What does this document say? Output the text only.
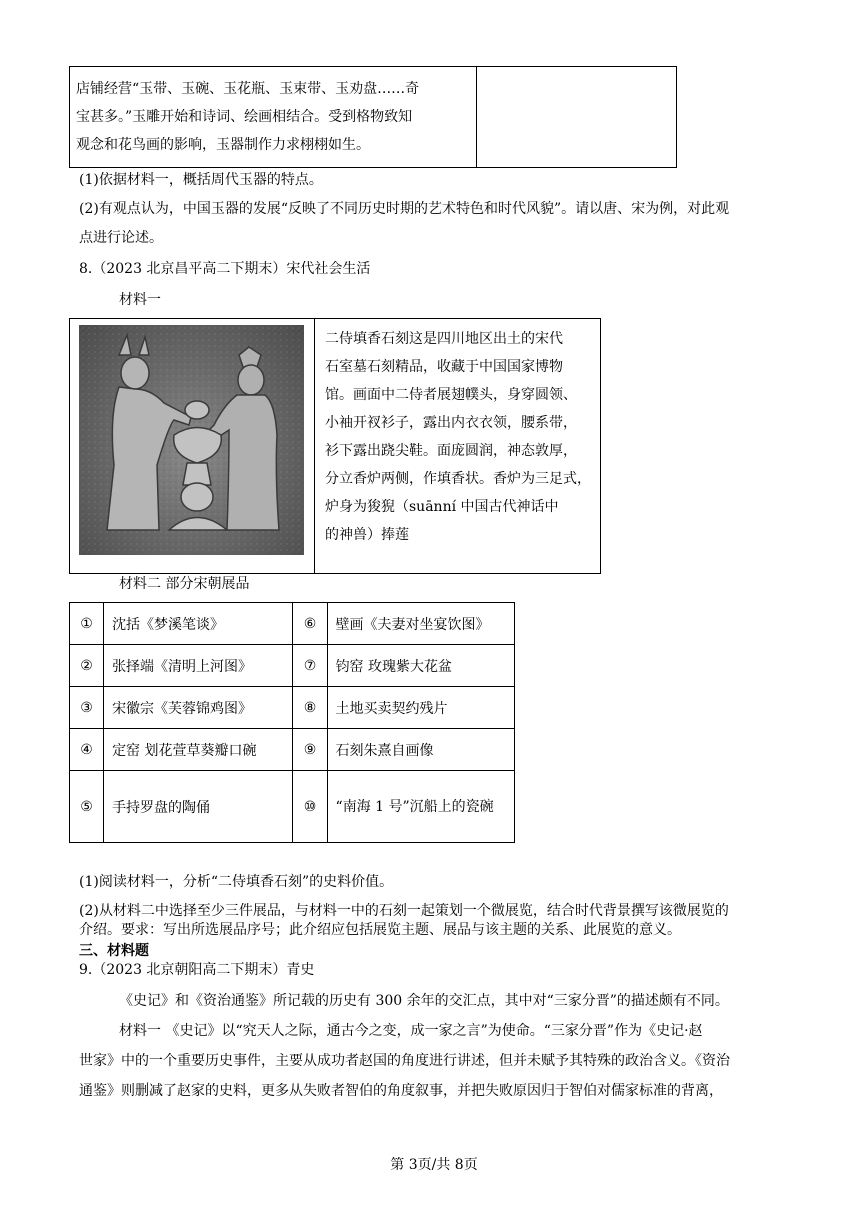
店铺经营“玉带、玉碗、玉花瓶、玉束带、玉劝盘……奇
宝甚多。”玉雕开始和诗词、绘画相结合。受到格物致知
观念和花鸟画的影响，玉器制作力求栩栩如生。

(1)依据材料一，概括周代玉器的特点。
(2)有观点认为，中国玉器的发展“反映了不同历史时期的艺术特色和时代风貌”。请以唐、宋为例，对此观
点进行论述。
8.（2023 北京昌平高二下期末）宋代社会生活
材料一
二侍填香石刻这是四川地区出土的宋代
石室墓石刻精品，收藏于中国国家博物
馆。画面中二侍者展翅幞头，身穿圆领、
小袖开衩衫子，露出内衣衣领，腰系带，
衫下露出跷尖鞋。面庞圆润，神态敦厚，
分立香炉两侧，作填香状。香炉为三足式，
炉身为狻猊（suānní 中国古代神话中
的神兽）捧莲
材料二 部分宋朝展品
①	沈括《梦溪笔谈》	⑥	壁画《夫妻对坐宴饮图》
②	张择端《清明上河图》	⑦	钧窑 玫瑰紫大花盆
③	宋徽宗《芙蓉锦鸡图》	⑧	土地买卖契约残片
④	定窑 划花萱草葵瓣口碗	⑨	石刻朱熹自画像
⑤	手持罗盘的陶俑	⑩	“南海 1 号”沉船上的瓷碗
(1)阅读材料一，分析“二侍填香石刻”的史料价值。
(2)从材料二中选择至少三件展品，与材料一中的石刻一起策划一个微展览，结合时代背景撰写该微展览的
介绍。要求：写出所选展品序号；此介绍应包括展览主题、展品与该主题的关系、此展览的意义。
三、材料题
9.（2023 北京朝阳高二下期末）青史
《史记》和《资治通鉴》所记载的历史有 300 余年的交汇点，其中对“三家分晋”的描述颇有不同。
材料一 《史记》以“究天人之际，通古今之变，成一家之言”为使命。“三家分晋”作为《史记·赵
世家》中的一个重要历史事件，主要从成功者赵国的角度进行讲述，但并未赋予其特殊的政治含义。《资治
通鉴》则删减了赵家的史料，更多从失败者智伯的角度叙事，并把失败原因归于智伯对儒家标准的背离，
第 3页/共 8页
